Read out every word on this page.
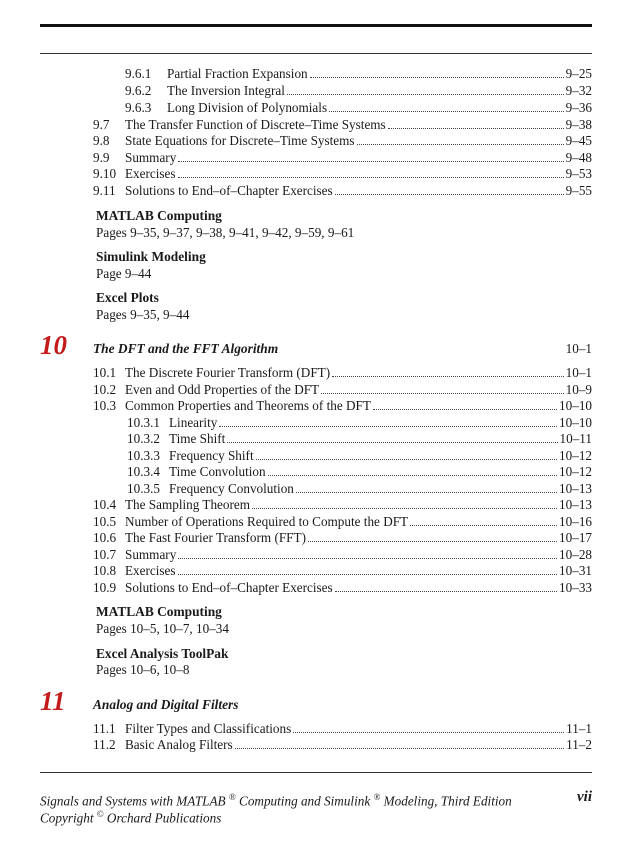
9.6.1	Partial Fraction Expansion	9–25
9.6.2	The Inversion Integral	9–32
9.6.3	Long Division of Polynomials	9–36
9.7	The Transfer Function of Discrete–Time Systems	9–38
9.8	State Equations for Discrete–Time Systems	9–45
9.9	Summary	9–48
9.10 Exercises	9–53
9.11 Solutions to End–of–Chapter Exercises	9–55
MATLAB Computing
Pages 9–35, 9–37, 9–38, 9–41, 9–42, 9–59, 9–61
Simulink Modeling
Page 9–44
Excel Plots
Pages 9–35, 9–44
10 The DFT and the FFT Algorithm	10–1
10.1 The Discrete Fourier Transform (DFT)	10–1
10.2 Even and Odd Properties of the DFT	10–9
10.3 Common Properties and Theorems of the DFT	10–10
10.3.1 Linearity	10–10
10.3.2 Time Shift	10–11
10.3.3 Frequency Shift	10–12
10.3.4 Time Convolution	10–12
10.3.5 Frequency Convolution	10–13
10.4 The Sampling Theorem	10–13
10.5 Number of Operations Required to Compute the DFT	10–16
10.6 The Fast Fourier Transform (FFT)	10–17
10.7 Summary	10–28
10.8 Exercises	10–31
10.9 Solutions to End–of–Chapter Exercises	10–33
MATLAB Computing
Pages 10–5, 10–7, 10–34
Excel Analysis ToolPak
Pages 10–6, 10–8
11 Analog and Digital Filters
11.1 Filter Types and Classifications	11–1
11.2 Basic Analog Filters	11–2
Signals and Systems with MATLAB ® Computing and Simulink ® Modeling, Third Edition
Copyright © Orchard Publications
vii
